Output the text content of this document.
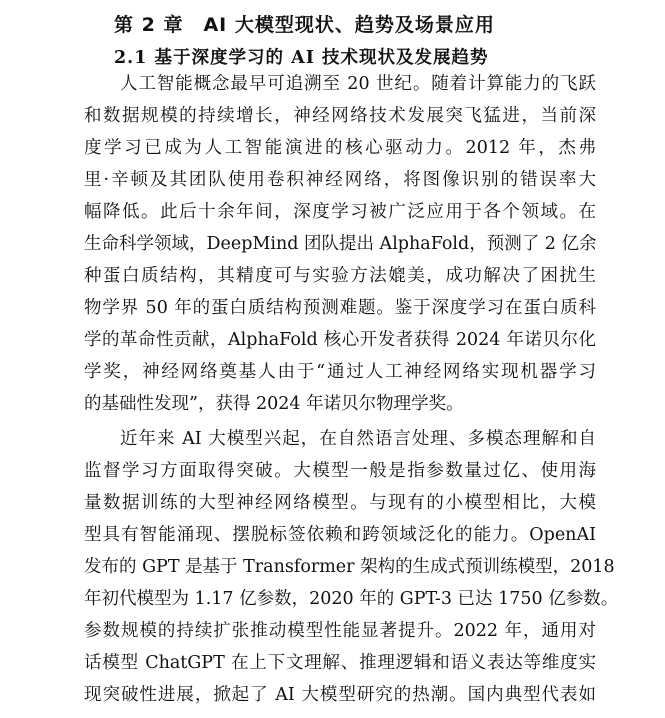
第 2 章　AI 大模型现状、趋势及场景应用
2.1 基于深度学习的 AI 技术现状及发展趋势

人工智能概念最早可追溯至 20 世纪。随着计算能力的飞跃

和数据规模的持续增长，神经网络技术发展突飞猛进，当前深

度学习已成为人工智能演进的核心驱动力。2012 年，杰弗

里·辛顿及其团队使用卷积神经网络，将图像识别的错误率大

幅降低。此后十余年间，深度学习被广泛应用于各个领域。在

生命科学领域，DeepMind 团队提出 AlphaFold，预测了 2 亿余

种蛋白质结构，其精度可与实验方法媲美，成功解决了困扰生

物学界 50 年的蛋白质结构预测难题。鉴于深度学习在蛋白质科

学的革命性贡献，AlphaFold 核心开发者获得 2024 年诺贝尔化

学奖，神经网络奠基人由于“通过人工神经网络实现机器学习

的基础性发现”，获得 2024 年诺贝尔物理学奖。

近年来 AI 大模型兴起，在自然语言处理、多模态理解和自

监督学习方面取得突破。大模型一般是指参数量过亿、使用海

量数据训练的大型神经网络模型。与现有的小模型相比，大模

型具有智能涌现、摆脱标签依赖和跨领域泛化的能力。OpenAI

发布的 GPT 是基于 Transformer 架构的生成式预训练模型，2018

年初代模型为 1.17 亿参数，2020 年的 GPT-3 已达 1750 亿参数。

参数规模的持续扩张推动模型性能显著提升。2022 年，通用对

话模型 ChatGPT 在上下文理解、推理逻辑和语义表达等维度实

现突破性进展，掀起了 AI 大模型研究的热潮。国内典型代表如
